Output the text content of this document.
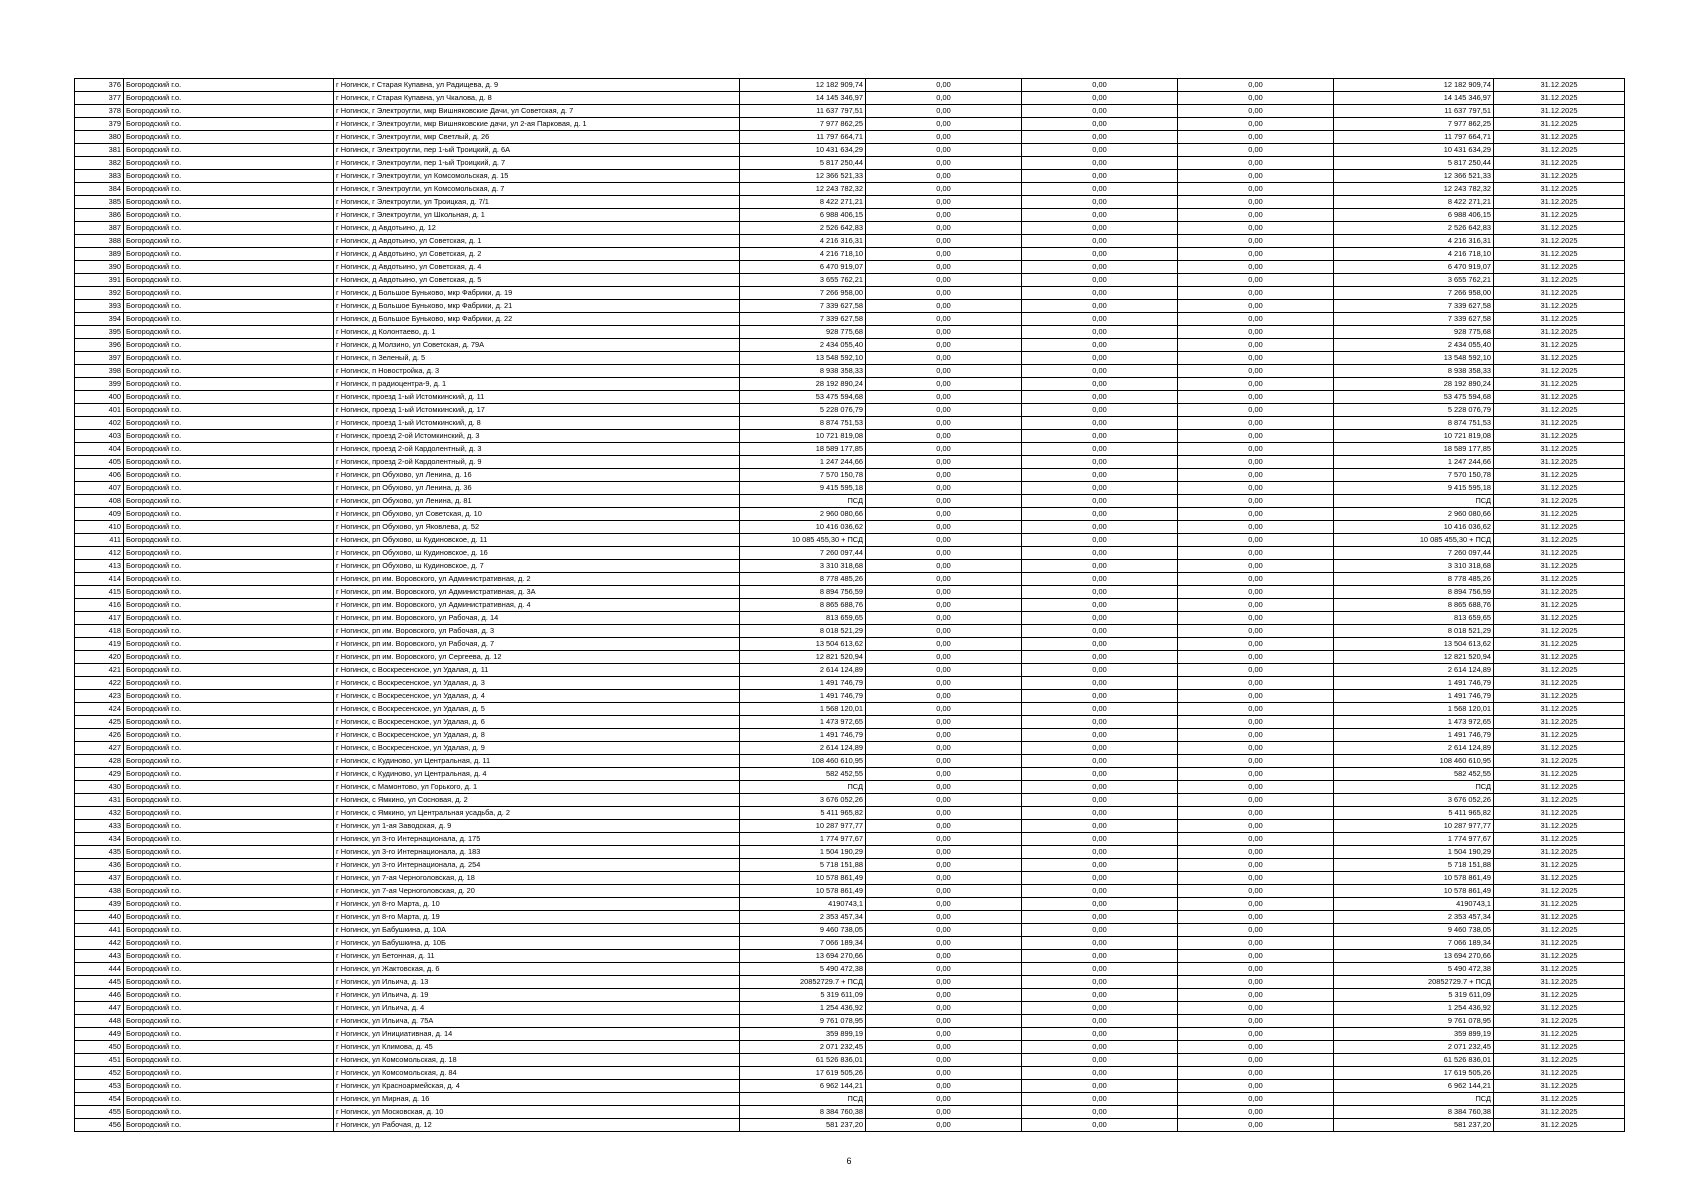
376	Богородский г.о.	г Ногинск, г Старая Купавна, ул Радищева, д. 9	12 182 909,74	0,00	0,00	0,00	12 182 909,74	31.12.2025
377	Богородский г.о.	г Ногинск, г Старая Купавна, ул Чкалова, д. 8	14 145 346,97	0,00	0,00	0,00	14 145 346,97	31.12.2025
378	Богородский г.о.	г Ногинск, г Электроугли, мкр Вишняковские Дачи, ул Советская, д. 7	11 637 797,51	0,00	0,00	0,00	11 637 797,51	31.12.2025
379	Богородский г.о.	г Ногинск, г Электроугли, мкр Вишняковские дачи, ул 2-ая Парковая, д. 1	7 977 862,25	0,00	0,00	0,00	7 977 862,25	31.12.2025
380	Богородский г.о.	г Ногинск, г Электроугли, мкр Светлый, д. 26	11 797 664,71	0,00	0,00	0,00	11 797 664,71	31.12.2025
381	Богородский г.о.	г Ногинск, г Электроугли, пер 1-ый Троицкий, д. 6А	10 431 634,29	0,00	0,00	0,00	10 431 634,29	31.12.2025
382	Богородский г.о.	г Ногинск, г Электроугли, пер 1-ый Троицкий, д. 7	5 817 250,44	0,00	0,00	0,00	5 817 250,44	31.12.2025
383	Богородский г.о.	г Ногинск, г Электроугли, ул Комсомольская, д. 15	12 366 521,33	0,00	0,00	0,00	12 366 521,33	31.12.2025
384	Богородский г.о.	г Ногинск, г Электроугли, ул Комсомольская, д. 7	12 243 782,32	0,00	0,00	0,00	12 243 782,32	31.12.2025
385	Богородский г.о.	г Ногинск, г Электроугли, ул Троицкая, д. 7/1	8 422 271,21	0,00	0,00	0,00	8 422 271,21	31.12.2025
386	Богородский г.о.	г Ногинск, г Электроугли, ул Школьная, д. 1	6 988 406,15	0,00	0,00	0,00	6 988 406,15	31.12.2025
387	Богородский г.о.	г Ногинск, д Авдотьино, д. 12	2 526 642,83	0,00	0,00	0,00	2 526 642,83	31.12.2025
388	Богородский г.о.	г Ногинск, д Авдотьино, ул Советская, д. 1	4 216 316,31	0,00	0,00	0,00	4 216 316,31	31.12.2025
389	Богородский г.о.	г Ногинск, д Авдотьино, ул Советская, д. 2	4 216 718,10	0,00	0,00	0,00	4 216 718,10	31.12.2025
390	Богородский г.о.	г Ногинск, д Авдотьино, ул Советская, д. 4	6 470 919,07	0,00	0,00	0,00	6 470 919,07	31.12.2025
391	Богородский г.о.	г Ногинск, д Авдотьино, ул Советская, д. 5	3 655 762,21	0,00	0,00	0,00	3 655 762,21	31.12.2025
392	Богородский г.о.	г Ногинск, д Большое Буньково, мкр Фабрики, д. 19	7 266 958,00	0,00	0,00	0,00	7 266 958,00	31.12.2025
393	Богородский г.о.	г Ногинск, д Большое Буньково, мкр Фабрики, д. 21	7 339 627,58	0,00	0,00	0,00	7 339 627,58	31.12.2025
394	Богородский г.о.	г Ногинск, д Большое Буньково, мкр Фабрики, д. 22	7 339 627,58	0,00	0,00	0,00	7 339 627,58	31.12.2025
395	Богородский г.о.	г Ногинск, д Колонтаево, д. 1	928 775,68	0,00	0,00	0,00	928 775,68	31.12.2025
396	Богородский г.о.	г Ногинск, д Молзино, ул Советская, д. 79А	2 434 055,40	0,00	0,00	0,00	2 434 055,40	31.12.2025
397	Богородский г.о.	г Ногинск, п Зеленый, д. 5	13 548 592,10	0,00	0,00	0,00	13 548 592,10	31.12.2025
398	Богородский г.о.	г Ногинск, п Новостройка, д. 3	8 938 358,33	0,00	0,00	0,00	8 938 358,33	31.12.2025
399	Богородский г.о.	г Ногинск, п радиоцентра-9, д. 1	28 192 890,24	0,00	0,00	0,00	28 192 890,24	31.12.2025
400	Богородский г.о.	г Ногинск, проезд 1-ый Истомкинский, д. 11	53 475 594,68	0,00	0,00	0,00	53 475 594,68	31.12.2025
401	Богородский г.о.	г Ногинск, проезд 1-ый Истомкинский, д. 17	5 228 076,79	0,00	0,00	0,00	5 228 076,79	31.12.2025
402	Богородский г.о.	г Ногинск, проезд 1-ый Истомкинский, д. 8	8 874 751,53	0,00	0,00	0,00	8 874 751,53	31.12.2025
403	Богородский г.о.	г Ногинск, проезд 2-ой Истомкинский, д. 3	10 721 819,08	0,00	0,00	0,00	10 721 819,08	31.12.2025
404	Богородский г.о.	г Ногинск, проезд 2-ой Кардолентный, д. 3	18 589 177,85	0,00	0,00	0,00	18 589 177,85	31.12.2025
405	Богородский г.о.	г Ногинск, проезд 2-ой Кардолентный, д. 9	1 247 244,66	0,00	0,00	0,00	1 247 244,66	31.12.2025
406	Богородский г.о.	г Ногинск, рп Обухово, ул Ленина, д. 16	7 570 150,78	0,00	0,00	0,00	7 570 150,78	31.12.2025
407	Богородский г.о.	г Ногинск, рп Обухово, ул Ленина, д. 36	9 415 595,18	0,00	0,00	0,00	9 415 595,18	31.12.2025
408	Богородский г.о.	г Ногинск, рп Обухово, ул Ленина, д. 81	ПСД	0,00	0,00	0,00	ПСД	31.12.2025
409	Богородский г.о.	г Ногинск, рп Обухово, ул Советская, д. 10	2 960 080,66	0,00	0,00	0,00	2 960 080,66	31.12.2025
410	Богородский г.о.	г Ногинск, рп Обухово, ул Яковлева, д. 52	10 416 036,62	0,00	0,00	0,00	10 416 036,62	31.12.2025
411	Богородский г.о.	г Ногинск, рп Обухово, ш Кудиновское, д. 11	10 085 455,30 + ПСД	0,00	0,00	0,00	10 085 455,30 + ПСД	31.12.2025
412	Богородский г.о.	г Ногинск, рп Обухово, ш Кудиновское, д. 16	7 260 097,44	0,00	0,00	0,00	7 260 097,44	31.12.2025
413	Богородский г.о.	г Ногинск, рп Обухово, ш Кудиновское, д. 7	3 310 318,68	0,00	0,00	0,00	3 310 318,68	31.12.2025
414	Богородский г.о.	г Ногинск, рп им. Воровского, ул Административная, д. 2	8 778 485,26	0,00	0,00	0,00	8 778 485,26	31.12.2025
415	Богородский г.о.	г Ногинск, рп им. Воровского, ул Административная, д. 3А	8 894 756,59	0,00	0,00	0,00	8 894 756,59	31.12.2025
416	Богородский г.о.	г Ногинск, рп им. Воровского, ул Административная, д. 4	8 865 688,76	0,00	0,00	0,00	8 865 688,76	31.12.2025
417	Богородский г.о.	г Ногинск, рп им. Воровского, ул Рабочая, д. 14	813 659,65	0,00	0,00	0,00	813 659,65	31.12.2025
418	Богородский г.о.	г Ногинск, рп им. Воровского, ул Рабочая, д. 3	8 018 521,29	0,00	0,00	0,00	8 018 521,29	31.12.2025
419	Богородский г.о.	г Ногинск, рп им. Воровского, ул Рабочая, д. 7	13 504 613,62	0,00	0,00	0,00	13 504 613,62	31.12.2025
420	Богородский г.о.	г Ногинск, рп им. Воровского, ул Сергеева, д. 12	12 821 520,94	0,00	0,00	0,00	12 821 520,94	31.12.2025
421	Богородский г.о.	г Ногинск, с Воскресенское, ул Удалая, д. 11	2 614 124,89	0,00	0,00	0,00	2 614 124,89	31.12.2025
422	Богородский г.о.	г Ногинск, с Воскресенское, ул Удалая, д. 3	1 491 746,79	0,00	0,00	0,00	1 491 746,79	31.12.2025
423	Богородский г.о.	г Ногинск, с Воскресенское, ул Удалая, д. 4	1 491 746,79	0,00	0,00	0,00	1 491 746,79	31.12.2025
424	Богородский г.о.	г Ногинск, с Воскресенское, ул Удалая, д. 5	1 568 120,01	0,00	0,00	0,00	1 568 120,01	31.12.2025
425	Богородский г.о.	г Ногинск, с Воскресенское, ул Удалая, д. 6	1 473 972,65	0,00	0,00	0,00	1 473 972,65	31.12.2025
426	Богородский г.о.	г Ногинск, с Воскресенское, ул Удалая, д. 8	1 491 746,79	0,00	0,00	0,00	1 491 746,79	31.12.2025
427	Богородский г.о.	г Ногинск, с Воскресенское, ул Удалая, д. 9	2 614 124,89	0,00	0,00	0,00	2 614 124,89	31.12.2025
428	Богородский г.о.	г Ногинск, с Кудиново, ул Центральная, д. 11	108 460 610,95	0,00	0,00	0,00	108 460 610,95	31.12.2025
429	Богородский г.о.	г Ногинск, с Кудиново, ул Центральная, д. 4	582 452,55	0,00	0,00	0,00	582 452,55	31.12.2025
430	Богородский г.о.	г Ногинск, с Мамонтово, ул Горького, д. 1	ПСД	0,00	0,00	0,00	ПСД	31.12.2025
431	Богородский г.о.	г Ногинск, с Ямкино, ул Сосновая, д. 2	3 676 052,26	0,00	0,00	0,00	3 676 052,26	31.12.2025
432	Богородский г.о.	г Ногинск, с Ямкино, ул Центральная усадьба, д. 2	5 411 965,82	0,00	0,00	0,00	5 411 965,82	31.12.2025
433	Богородский г.о.	г Ногинск, ул 1-ая Заводская, д. 9	10 287 977,77	0,00	0,00	0,00	10 287 977,77	31.12.2025
434	Богородский г.о.	г Ногинск, ул 3-го Интернационала, д. 175	1 774 977,67	0,00	0,00	0,00	1 774 977,67	31.12.2025
435	Богородский г.о.	г Ногинск, ул 3-го Интернационала, д. 183	1 504 190,29	0,00	0,00	0,00	1 504 190,29	31.12.2025
436	Богородский г.о.	г Ногинск, ул 3-го Интернационала, д. 254	5 718 151,88	0,00	0,00	0,00	5 718 151,88	31.12.2025
437	Богородский г.о.	г Ногинск, ул 7-ая Черноголовская, д. 18	10 578 861,49	0,00	0,00	0,00	10 578 861,49	31.12.2025
438	Богородский г.о.	г Ногинск, ул 7-ая Черноголовская, д. 20	10 578 861,49	0,00	0,00	0,00	10 578 861,49	31.12.2025
439	Богородский г.о.	г Ногинск, ул 8-го Марта, д. 10	4190743,1	0,00	0,00	0,00	4190743,1	31.12.2025
440	Богородский г.о.	г Ногинск, ул 8-го Марта, д. 19	2 353 457,34	0,00	0,00	0,00	2 353 457,34	31.12.2025
441	Богородский г.о.	г Ногинск, ул Бабушкина, д. 10А	9 460 738,05	0,00	0,00	0,00	9 460 738,05	31.12.2025
442	Богородский г.о.	г Ногинск, ул Бабушкина, д. 10Б	7 066 189,34	0,00	0,00	0,00	7 066 189,34	31.12.2025
443	Богородский г.о.	г Ногинск, ул Бетонная, д. 11	13 694 270,66	0,00	0,00	0,00	13 694 270,66	31.12.2025
444	Богородский г.о.	г Ногинск, ул Жактовская, д. 6	5 490 472,38	0,00	0,00	0,00	5 490 472,38	31.12.2025
445	Богородский г.о.	г Ногинск, ул Ильича, д. 13	20852729.7 + ПСД	0,00	0,00	0,00	20852729.7 + ПСД	31.12.2025
446	Богородский г.о.	г Ногинск, ул Ильича, д. 19	5 319 611,09	0,00	0,00	0,00	5 319 611,09	31.12.2025
447	Богородский г.о.	г Ногинск, ул Ильича, д. 4	1 254 436,92	0,00	0,00	0,00	1 254 436,92	31.12.2025
448	Богородский г.о.	г Ногинск, ул Ильича, д. 75А	9 761 078,95	0,00	0,00	0,00	9 761 078,95	31.12.2025
449	Богородский г.о.	г Ногинск, ул Инициативная, д. 14	359 899,19	0,00	0,00	0,00	359 899,19	31.12.2025
450	Богородский г.о.	г Ногинск, ул Климова, д. 45	2 071 232,45	0,00	0,00	0,00	2 071 232,45	31.12.2025
451	Богородский г.о.	г Ногинск, ул Комсомольская, д. 18	61 526 836,01	0,00	0,00	0,00	61 526 836,01	31.12.2025
452	Богородский г.о.	г Ногинск, ул Комсомольская, д. 84	17 619 505,26	0,00	0,00	0,00	17 619 505,26	31.12.2025
453	Богородский г.о.	г Ногинск, ул Красноармейская, д. 4	6 962 144,21	0,00	0,00	0,00	6 962 144,21	31.12.2025
454	Богородский г.о.	г Ногинск, ул Мирная, д. 16	ПСД	0,00	0,00	0,00	ПСД	31.12.2025
455	Богородский г.о.	г Ногинск, ул Московская, д. 10	8 384 760,38	0,00	0,00	0,00	8 384 760,38	31.12.2025
456	Богородский г.о.	г Ногинск, ул Рабочая, д. 12	581 237,20	0,00	0,00	0,00	581 237,20	31.12.2025
6
